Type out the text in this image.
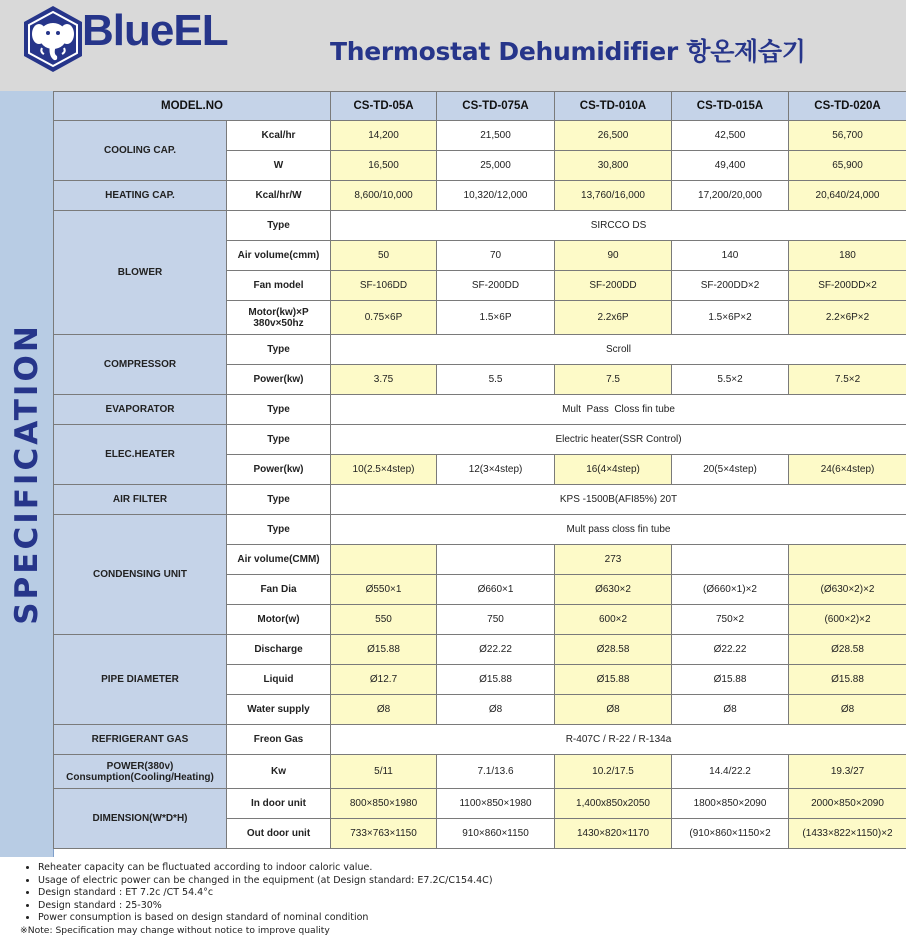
BlueEL	Thermostat Dehumidifier 항온제습기
SPECIFICATION
MODEL.NO		CS-TD-05A	CS-TD-075A	CS-TD-010A	CS-TD-015A	CS-TD-020A
COOLING CAP.	Kcal/hr	14,200	21,500	26,500	42,500	56,700
	W	16,500	25,000	30,800	49,400	65,900
HEATING CAP.	Kcal/hr/W	8,600/10,000	10,320/12,000	13,760/16,000	17,200/20,000	20,640/24,000
BLOWER	Type	SIRCCO DS				
	Air volume(cmm)	50	70	90	140	180
	Fan model	SF-106DD	SF-200DD	SF-200DD	SF-200DD×2	SF-200DD×2
	Motor(kw)×P
380v×50hz	0.75×6P	1.5×6P	2.2x6P	1.5×6P×2	2.2×6P×2
COMPRESSOR	Type	Scroll				
	Power(kw)	3.75	5.5	7.5	5.5×2	7.5×2
EVAPORATOR	Type	Mult  Pass  Closs fin tube				
ELEC.HEATER	Type	Electric heater(SSR Control)				
	Power(kw)	10(2.5×4step)	12(3×4step)	16(4×4step)	20(5×4step)	24(6×4step)
AIR FILTER	Type	KPS -1500B(AFI85%) 20T				
CONDENSING UNIT	Type	Mult pass closs fin tube				
	Air volume(CMM)			273		
	Fan Dia	Ø550×1	Ø660×1	Ø630×2	(Ø660×1)×2	(Ø630×2)×2
	Motor(w)	550	750	600×2	750×2	(600×2)×2
PIPE DIAMETER	Discharge	Ø15.88	Ø22.22	Ø28.58	Ø22.22	Ø28.58
	Liquid	Ø12.7	Ø15.88	Ø15.88	Ø15.88	Ø15.88
	Water supply	Ø8	Ø8	Ø8	Ø8	Ø8
REFRIGERANT GAS	Freon Gas	R-407C / R-22 / R-134a				
POWER(380v)
Consumption(Cooling/Heating)	Kw	5/11	7.1/13.6	10.2/17.5	14.4/22.2	19.3/27
DIMENSION(W*D*H)	In door unit	800×850×1980	1100×850×1980	1,400x850x2050	1800×850×2090	2000×850×2090
	Out door unit	733×763×1150	910×860×1150	1430×820×1170	(910×860×1150×2	(1433×822×1150)×2
• Reheater capacity can be fluctuated according to indoor caloric value.
• Usage of electric power can be changed in the equipment (at Design standard: E7.2C/C154.4C)
• Design standard : ET 7.2c /CT 54.4°c
• Design standard : 25-30%
• Power consumption is based on design standard of nominal condition
※Note: Specification may change without notice to improve quality
